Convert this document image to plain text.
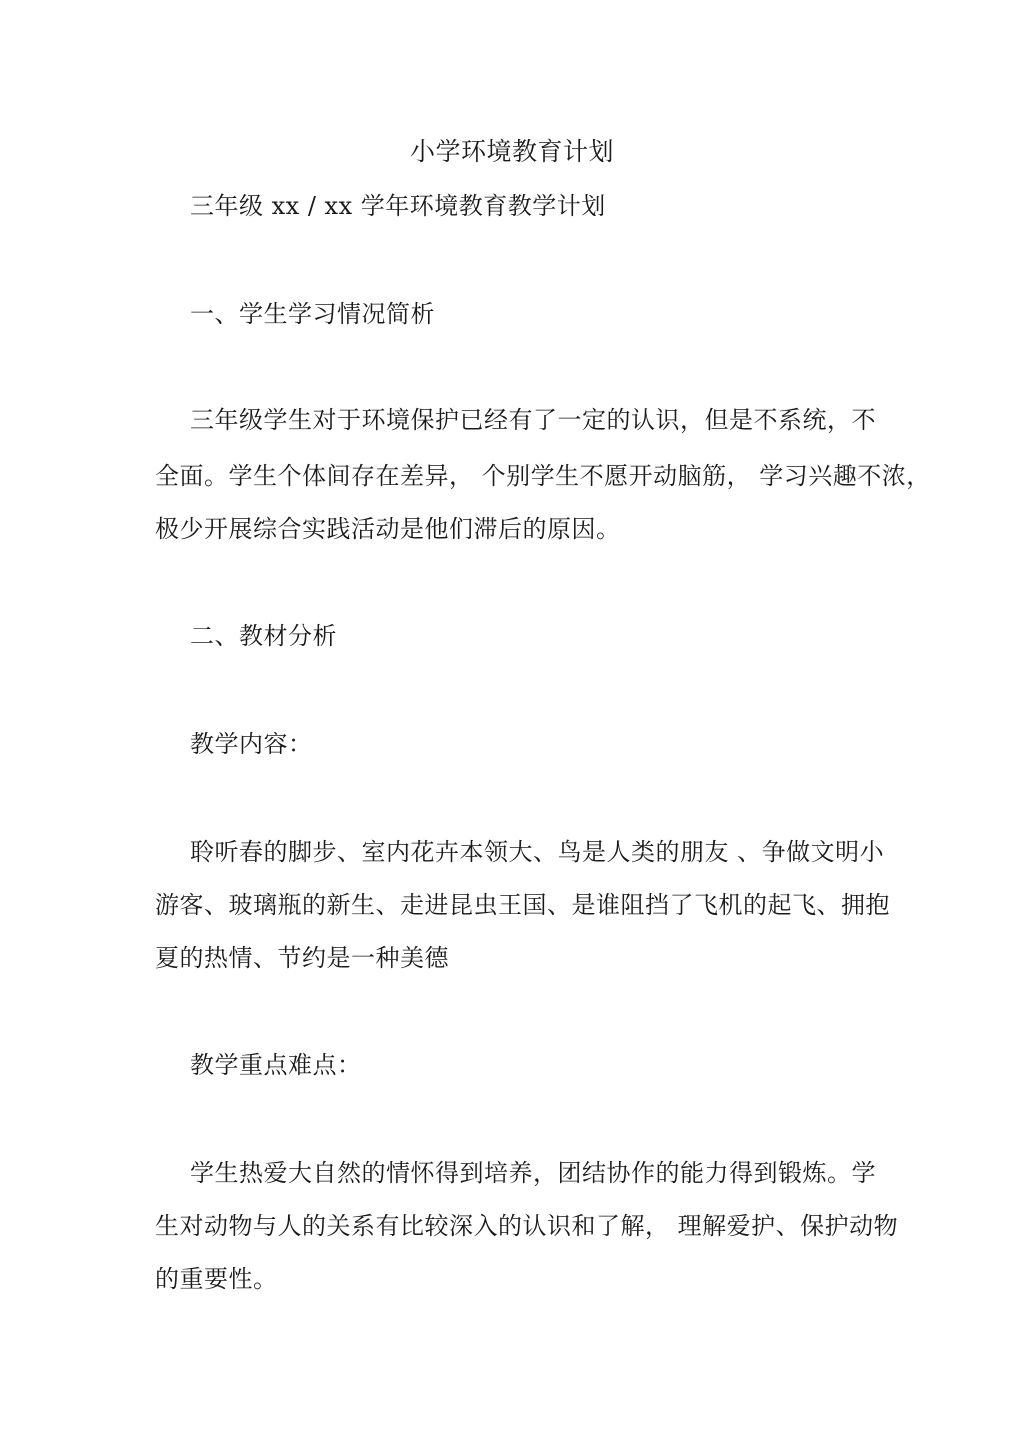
小学环境教育计划
三年级 xx / xx 学年环境教育教学计划
一、学生学习情况简析
三年级学生对于环境保护已经有了一定的认识，但是不系统，不
全面。学生个体间存在差异， 个别学生不愿开动脑筋， 学习兴趣不浓，
极少开展综合实践活动是他们滞后的原因。
二、教材分析
教学内容：
聆听春的脚步、室内花卉本领大、鸟是人类的朋友 、争做文明小
游客、玻璃瓶的新生、走进昆虫王国、是谁阻挡了飞机的起飞、拥抱
夏的热情、节约是一种美德
教学重点难点：
学生热爱大自然的情怀得到培养，团结协作的能力得到锻炼。学
生对动物与人的关系有比较深入的认识和了解， 理解爱护、保护动物
的重要性。
